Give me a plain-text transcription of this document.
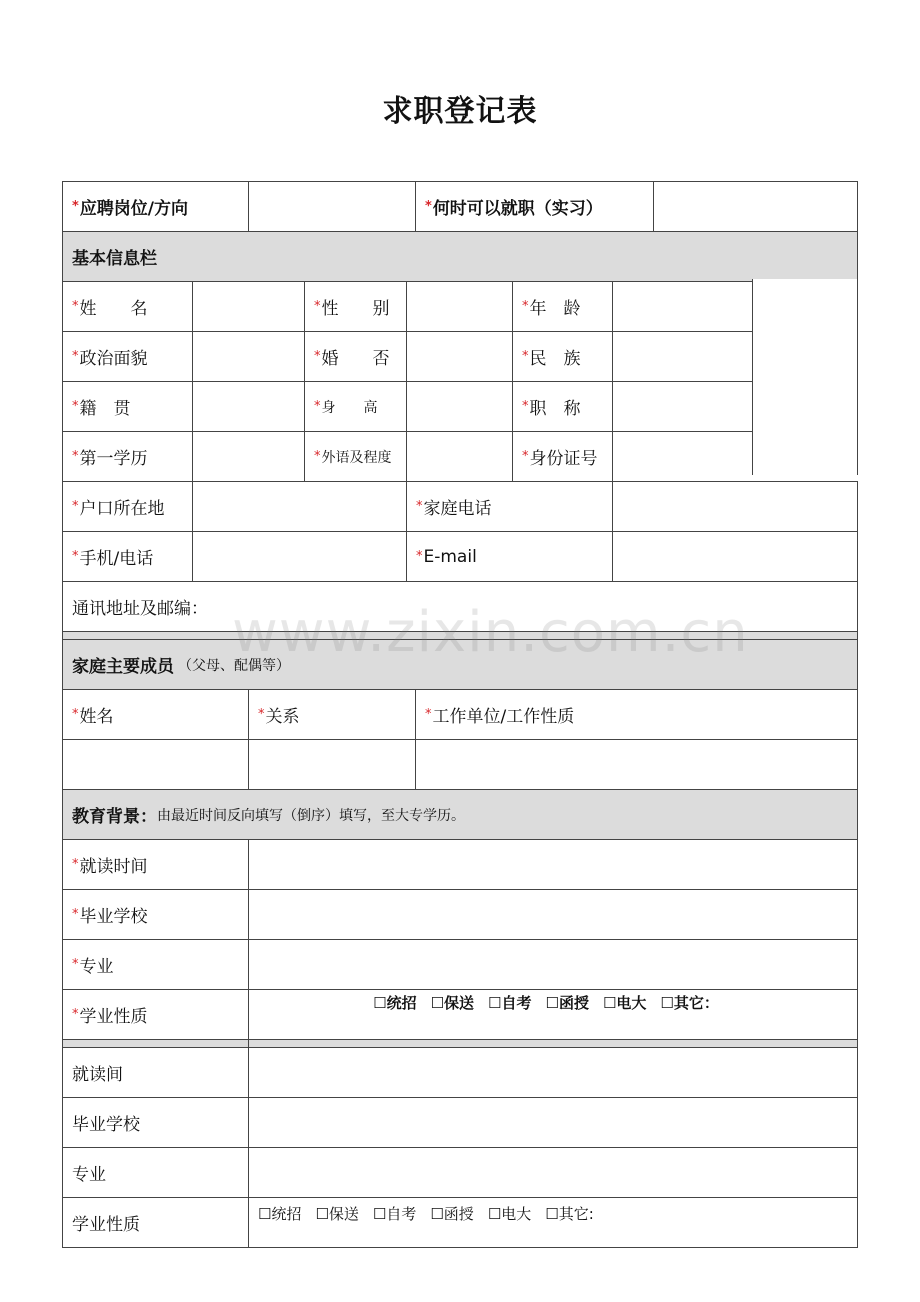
求职登记表
* 应聘岗位/方向	* 何时可以就职（实习）
基本信息栏
* 姓　　名	* 性　　别	* 年　龄
* 政治面貌	* 婚　　否	* 民　族
* 籍　贯	* 身　　高	* 职　称
* 第一学历	* 外语及程度	* 身份证号
* 户口所在地	* 家庭电话
* 手机/电话	* E-mail
通讯地址及邮编：
家庭主要成员 （父母、配偶等）
* 姓名	* 关系	* 工作单位/工作性质
教育背景： 由最近时间反向填写（倒序）填写，至大专学历。
* 就读时间
* 毕业学校
* 专业
* 学业性质
☐统招 ☐保送 ☐自考 ☐函授 ☐电大 ☐其它：
就读间
毕业学校
专业
学业性质
☐统招 ☐保送 ☐自考 ☐函授 ☐电大 ☐其它:
www.zixin.com.cn
